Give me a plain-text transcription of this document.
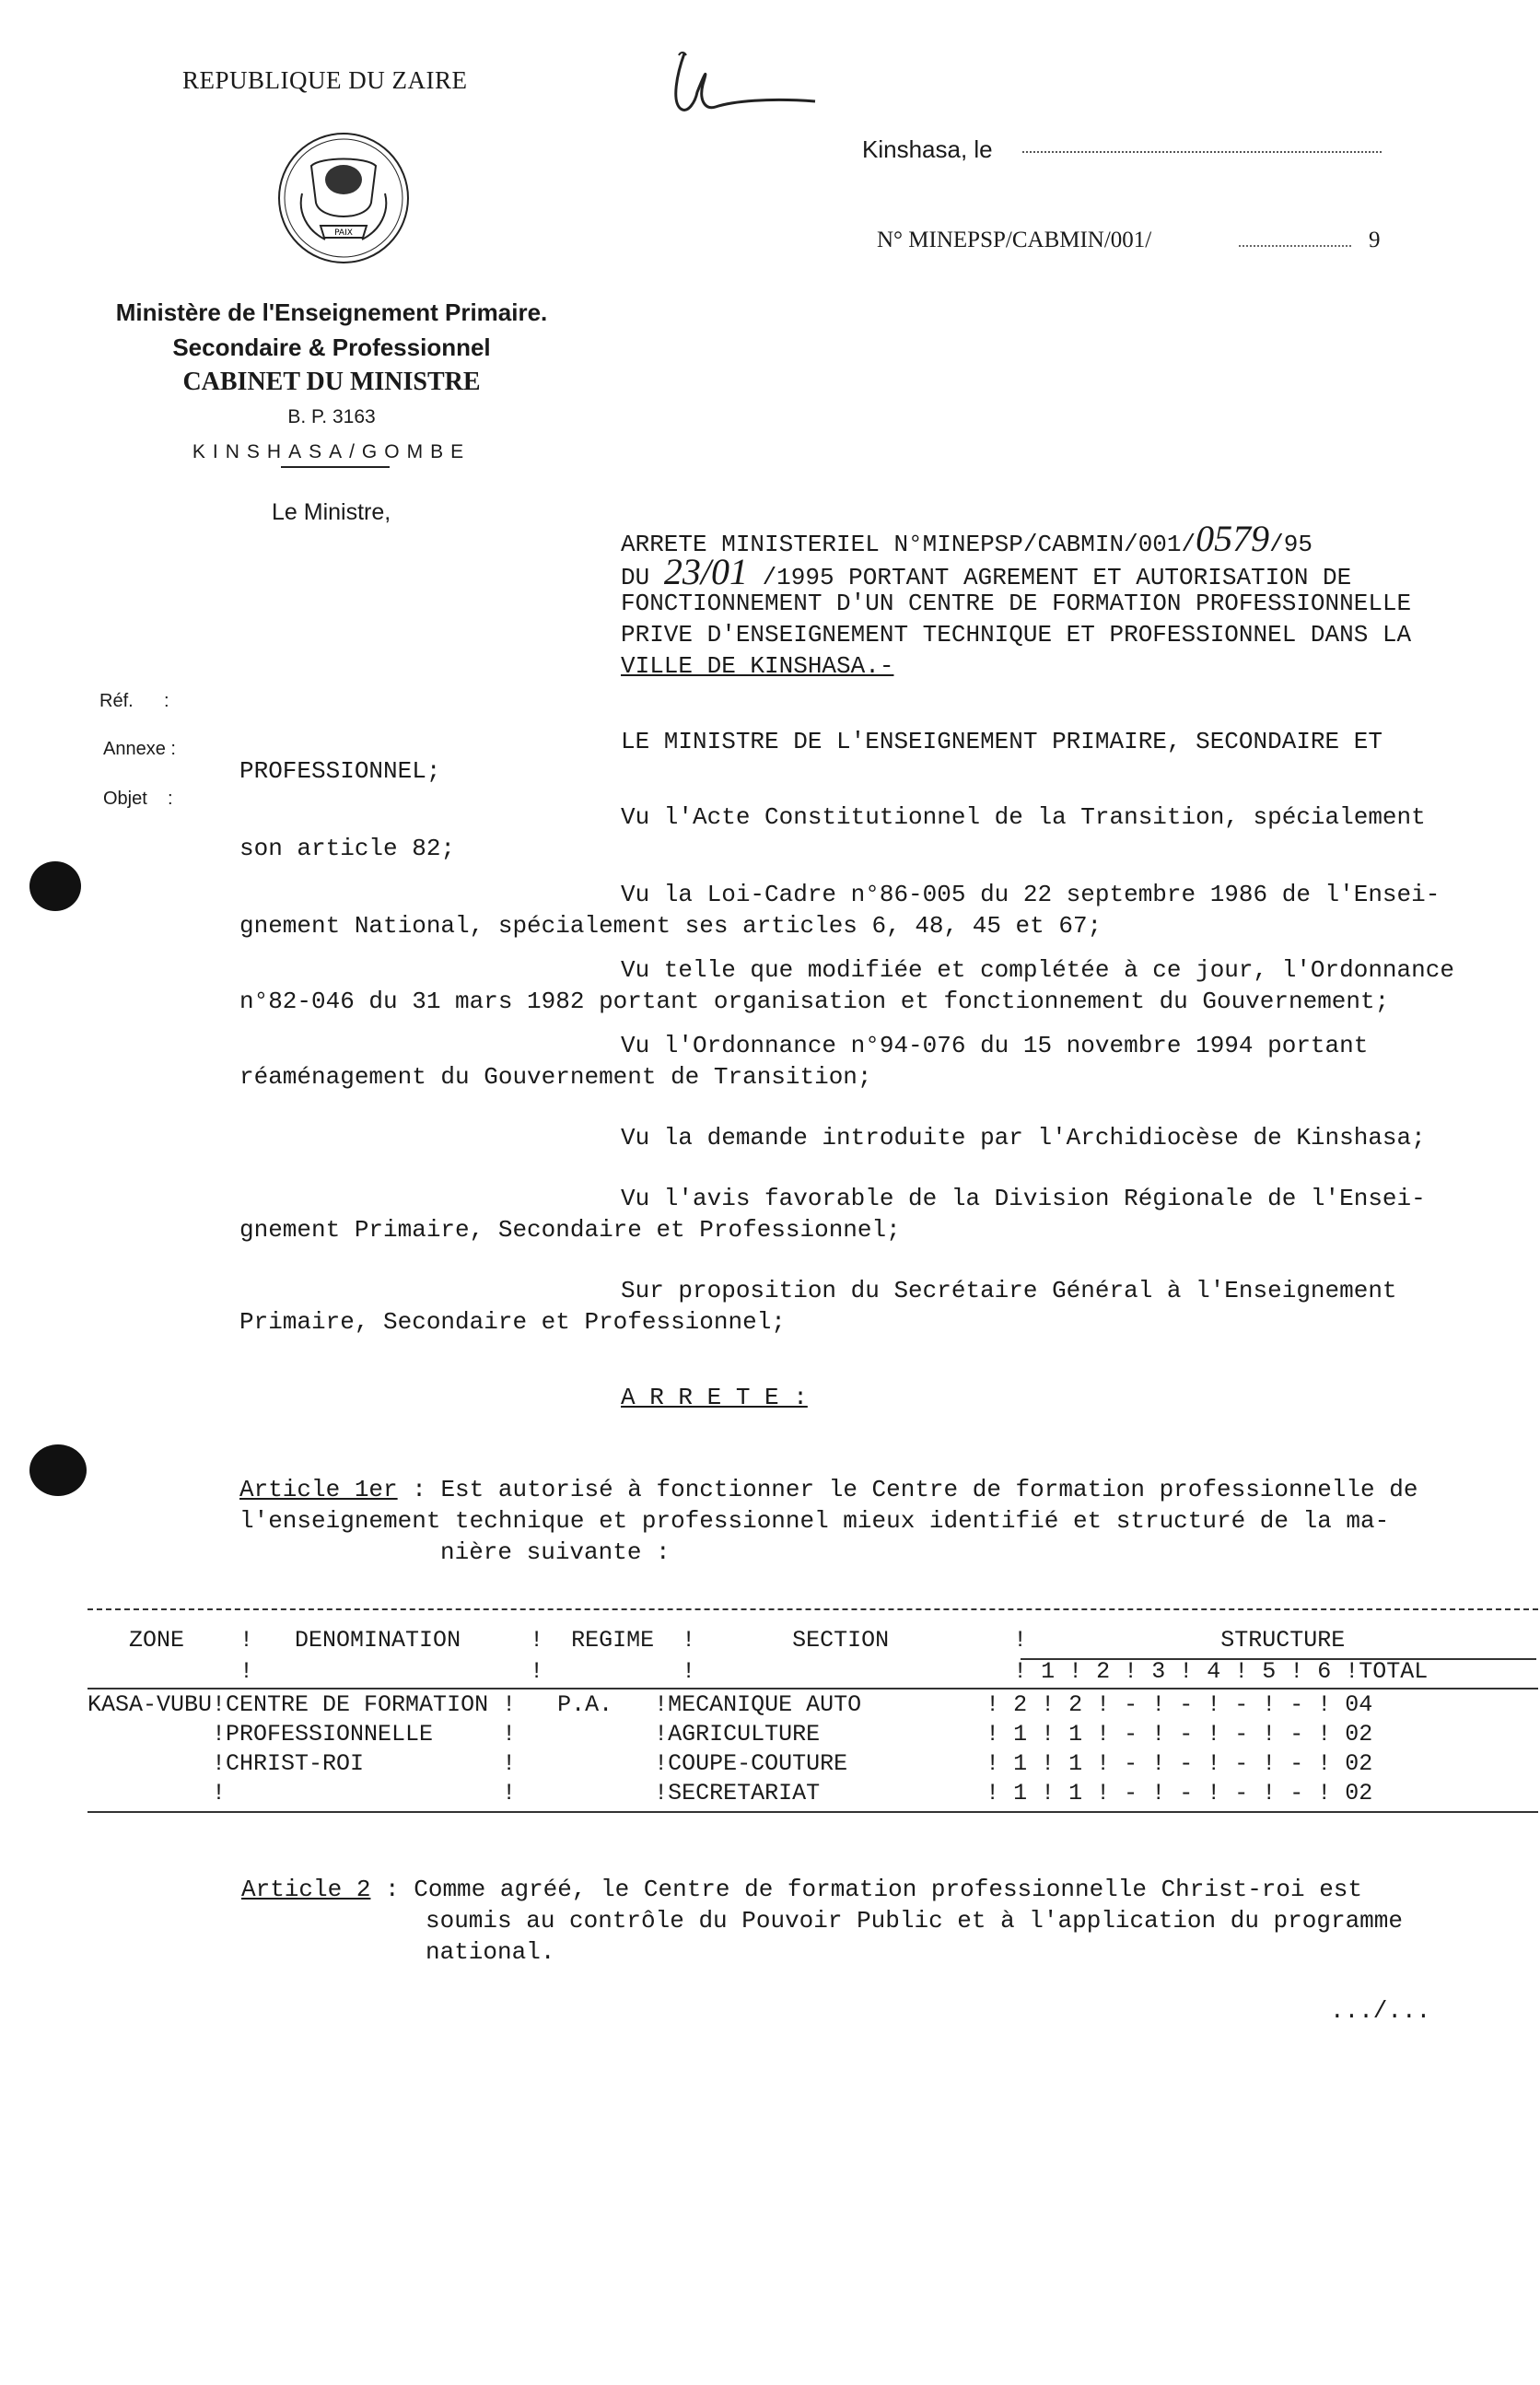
REPUBLIQUE DU ZAIRE
PAIX
Ministère de l'Enseignement Primaire.
Secondaire & Professionnel
CABINET DU MINISTRE
B. P. 3163
KINSHASA/GOMBE
Le Ministre,
Kinshasa, le
N° MINEPSP/CABMIN/001/	9
Réf.      :
Annexe :
Objet    :
ARRETE MINISTERIEL N°MINEPSP/CABMIN/001/0579/95
DU 23/01 /1995 PORTANT AGREMENT ET AUTORISATION DE
FONCTIONNEMENT D'UN CENTRE DE FORMATION PROFESSIONNELLE
PRIVE D'ENSEIGNEMENT TECHNIQUE ET PROFESSIONNEL DANS LA
VILLE DE KINSHASA.-
LE MINISTRE DE L'ENSEIGNEMENT PRIMAIRE, SECONDAIRE ET
PROFESSIONNEL;
Vu l'Acte Constitutionnel de la Transition, spécialement
son article 82;
Vu la Loi-Cadre n°86-005 du 22 septembre 1986 de l'Ensei-
gnement National, spécialement ses articles 6, 48, 45 et 67;
Vu telle que modifiée et complétée à ce jour, l'Ordonnance
n°82-046 du 31 mars 1982 portant organisation et fonctionnement du Gouvernement;
Vu l'Ordonnance n°94-076 du 15 novembre 1994 portant
réaménagement du Gouvernement de Transition;
Vu la demande introduite par l'Archidiocèse de Kinshasa;
Vu l'avis favorable de la Division Régionale de l'Ensei-
gnement Primaire, Secondaire et Professionnel;
Sur proposition du Secrétaire Général à l'Enseignement
Primaire, Secondaire et Professionnel;
A R R E T E :
Article 1er : Est autorisé à fonctionner le Centre de formation professionnelle de
l'enseignement technique et professionnel mieux identifié et structuré de la ma-
nière suivante :
ZONE    !   DENOMINATION     !  REGIME  !       SECTION         !              STRUCTURE
!                    !          !                       ! 1 ! 2 ! 3 ! 4 ! 5 ! 6 !TOTAL
KASA-VUBU!CENTRE DE FORMATION !   P.A.   !MECANIQUE AUTO         ! 2 ! 2 ! - ! - ! - ! - ! 04
!PROFESSIONNELLE     !          !AGRICULTURE            ! 1 ! 1 ! - ! - ! - ! - ! 02
!CHRIST-ROI          !          !COUPE-COUTURE          ! 1 ! 1 ! - ! - ! - ! - ! 02
!                    !          !SECRETARIAT            ! 1 ! 1 ! - ! - ! - ! - ! 02
Article 2 : Comme agréé, le Centre de formation professionnelle Christ-roi est
soumis au contrôle du Pouvoir Public et à l'application du programme
national.
.../...
